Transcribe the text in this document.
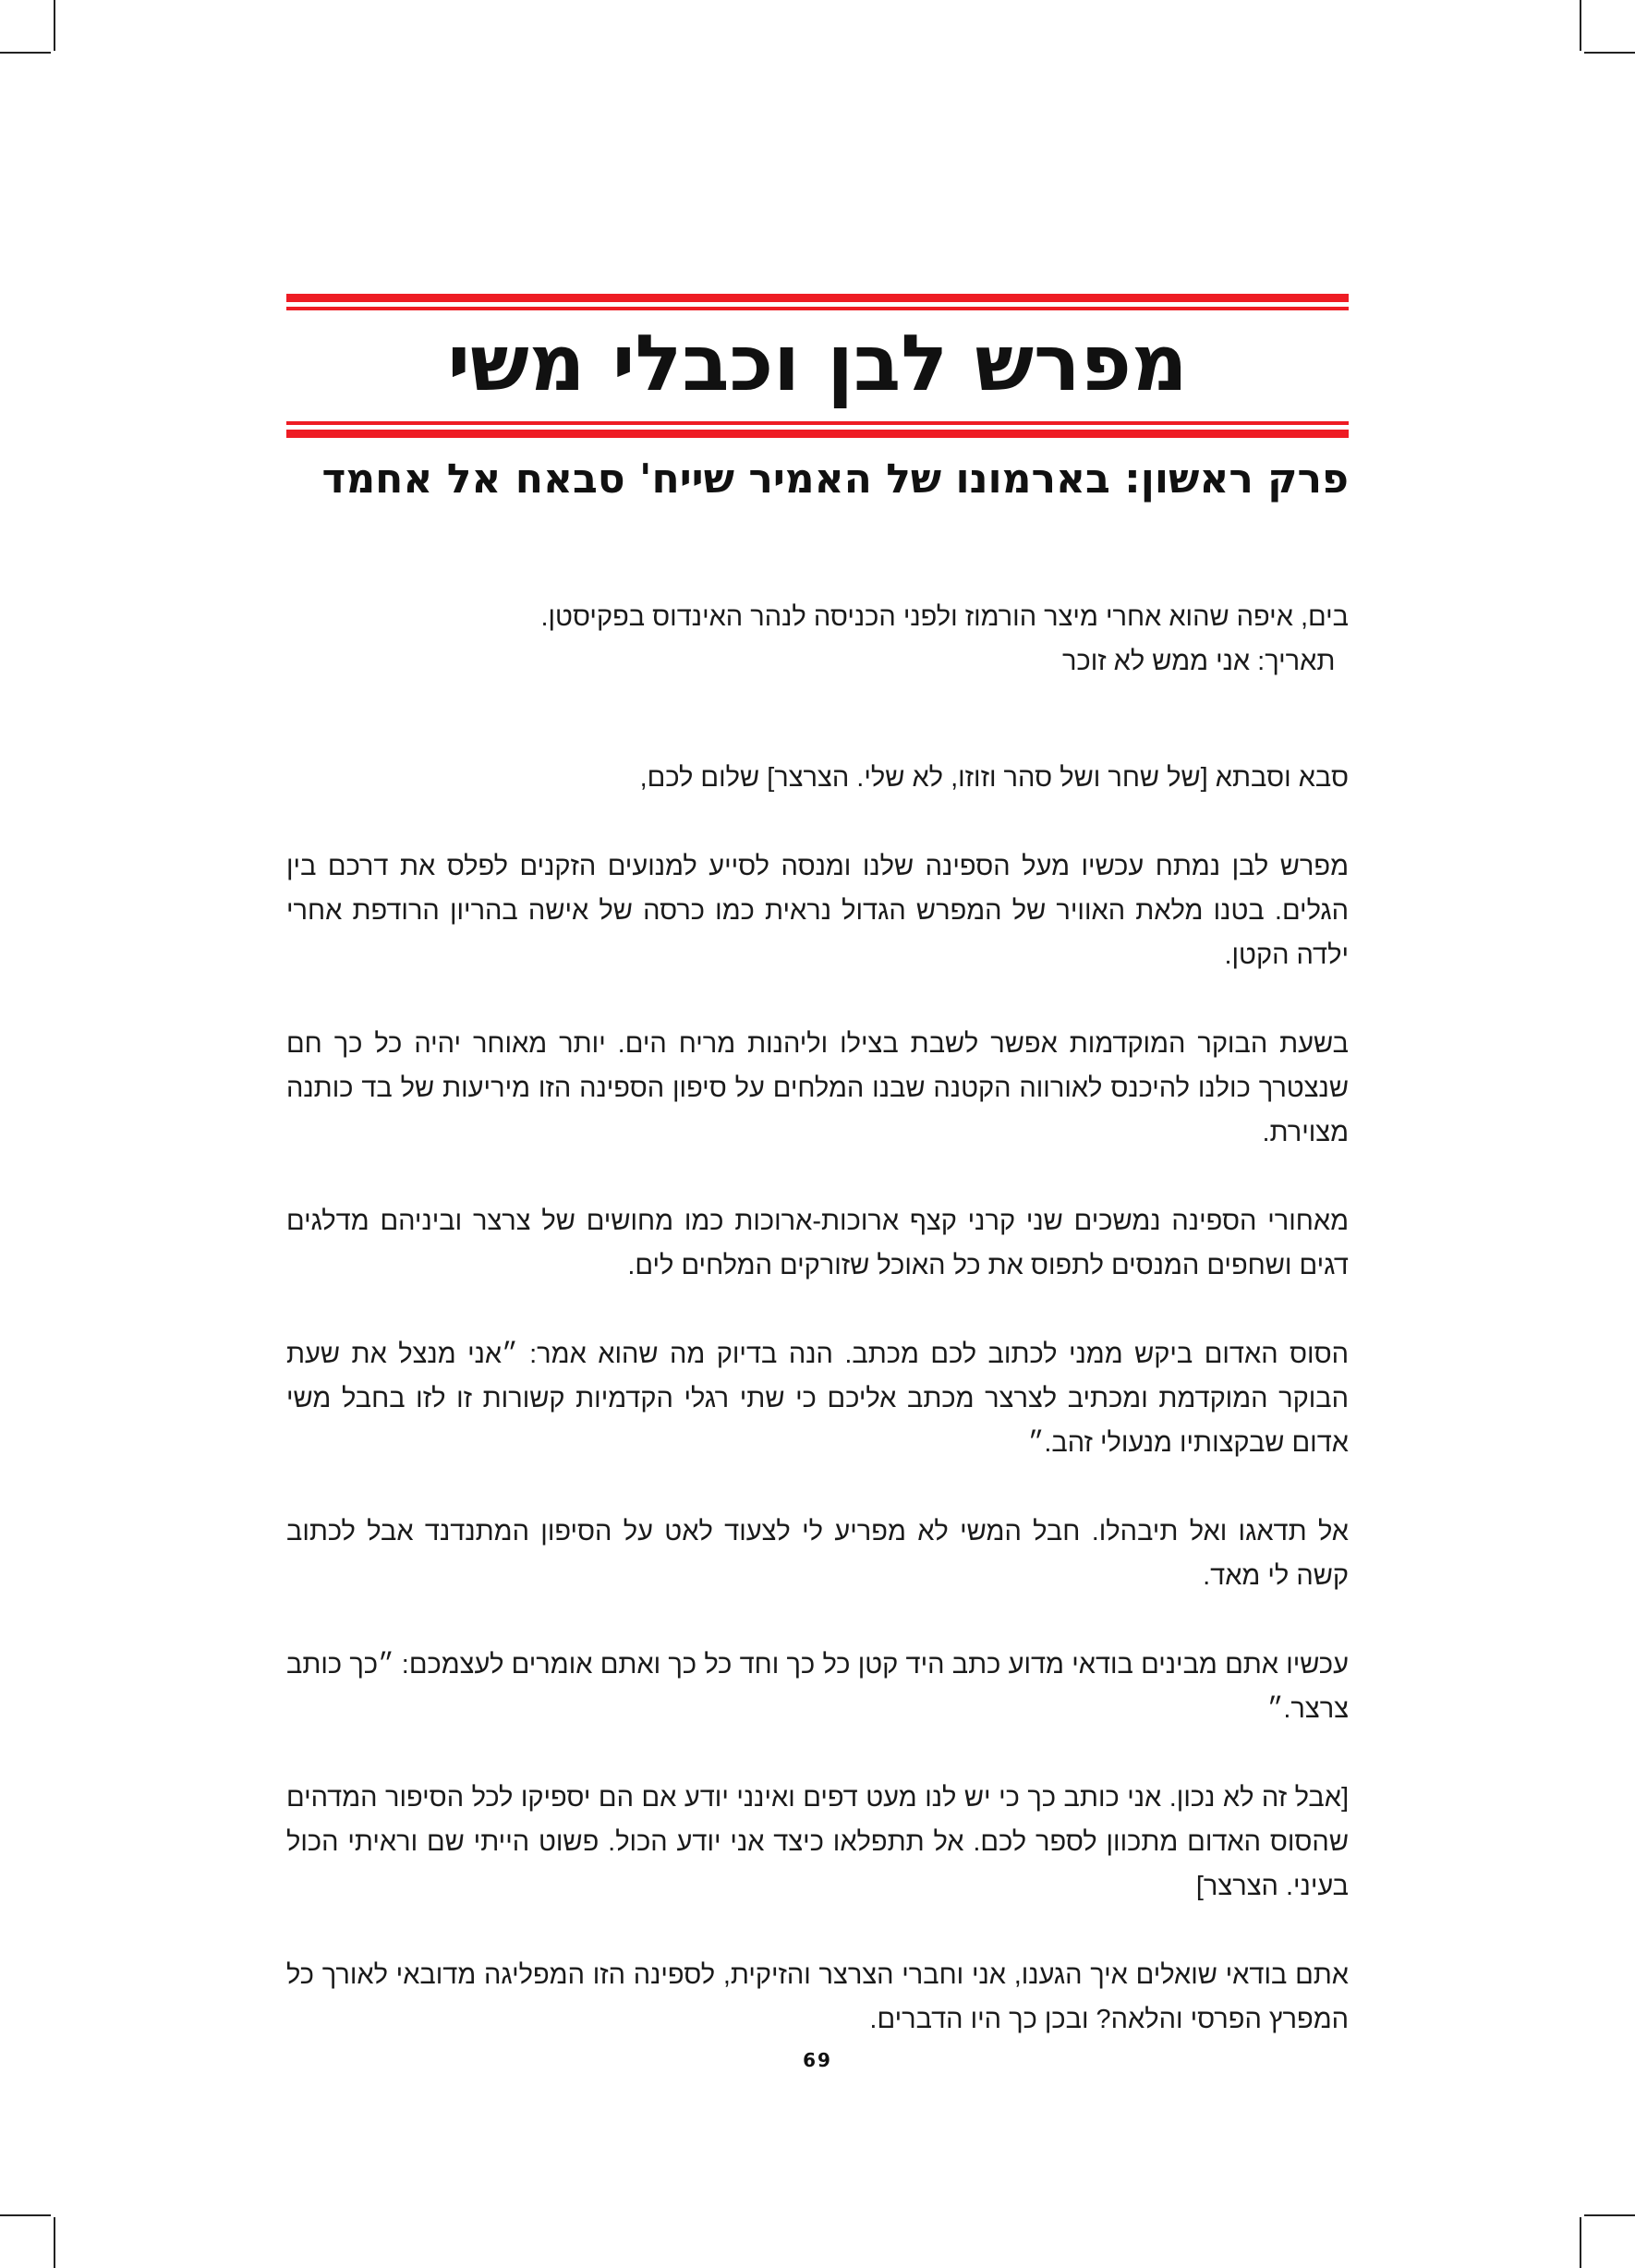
מפרש לבן וכבלי משי
פרק ראשון: בארמונו של האמיר שייח' סבאח אל אחמד
בים, איפה שהוא אחרי מיצר הורמוז ולפני הכניסה לנהר האינדוס בפקיסטן.
תאריך: אני ממש לא זוכר

סבא וסבתא [של שחר ושל סהר וזוזו, לא שלי. הצרצר] שלום לכם,

מפרש לבן נמתח עכשיו מעל הספינה שלנו ומנסה לסייע למנועים הזקנים לפלס את דרכם בין הגלים. בטנו מלאת האוויר של המפרש הגדול נראית כמו כרסה של אישה בהריון הרודפת אחרי ילדה הקטן.

בשעת הבוקר המוקדמות אפשר לשבת בצילו וליהנות מריח הים. יותר מאוחר יהיה כל כך חם שנצטרך כולנו להיכנס לאורווה הקטנה שבנו המלחים על סיפון הספינה הזו מיריעות של בד כותנה מצוירת.

מאחורי הספינה נמשכים שני קרני קצף ארוכות-ארוכות כמו מחושים של צרצר וביניהם מדלגים דגים ושחפים המנסים לתפוס את כל האוכל שזורקים המלחים לים.

הסוס האדום ביקש ממני לכתוב לכם מכתב. הנה בדיוק מה שהוא אמר: ״אני מנצל את שעת הבוקר המוקדמת ומכתיב לצרצר מכתב אליכם כי שתי רגלי הקדמיות קשורות זו לזו בחבל משי אדום שבקצותיו מנעולי זהב.״

אל תדאגו ואל תיבהלו. חבל המשי לא מפריע לי לצעוד לאט על הסיפון המתנדנד אבל לכתוב קשה לי מאד.

עכשיו אתם מבינים בודאי מדוע כתב היד קטן כל כך וחד כל כך ואתם אומרים לעצמכם: ״כך כותב צרצר.״

[אבל זה לא נכון. אני כותב כך כי יש לנו מעט דפים ואינני יודע אם הם יספיקו לכל הסיפור המדהים שהסוס האדום מתכוון לספר לכם. אל תתפלאו כיצד אני יודע הכול. פשוט הייתי שם וראיתי הכול בעיני. הצרצר]

אתם בודאי שואלים איך הגענו, אני וחברי הצרצר והזיקית, לספינה הזו המפליגה מדובאי לאורך כל המפרץ הפרסי והלאה? ובכן כך היו הדברים.

69
